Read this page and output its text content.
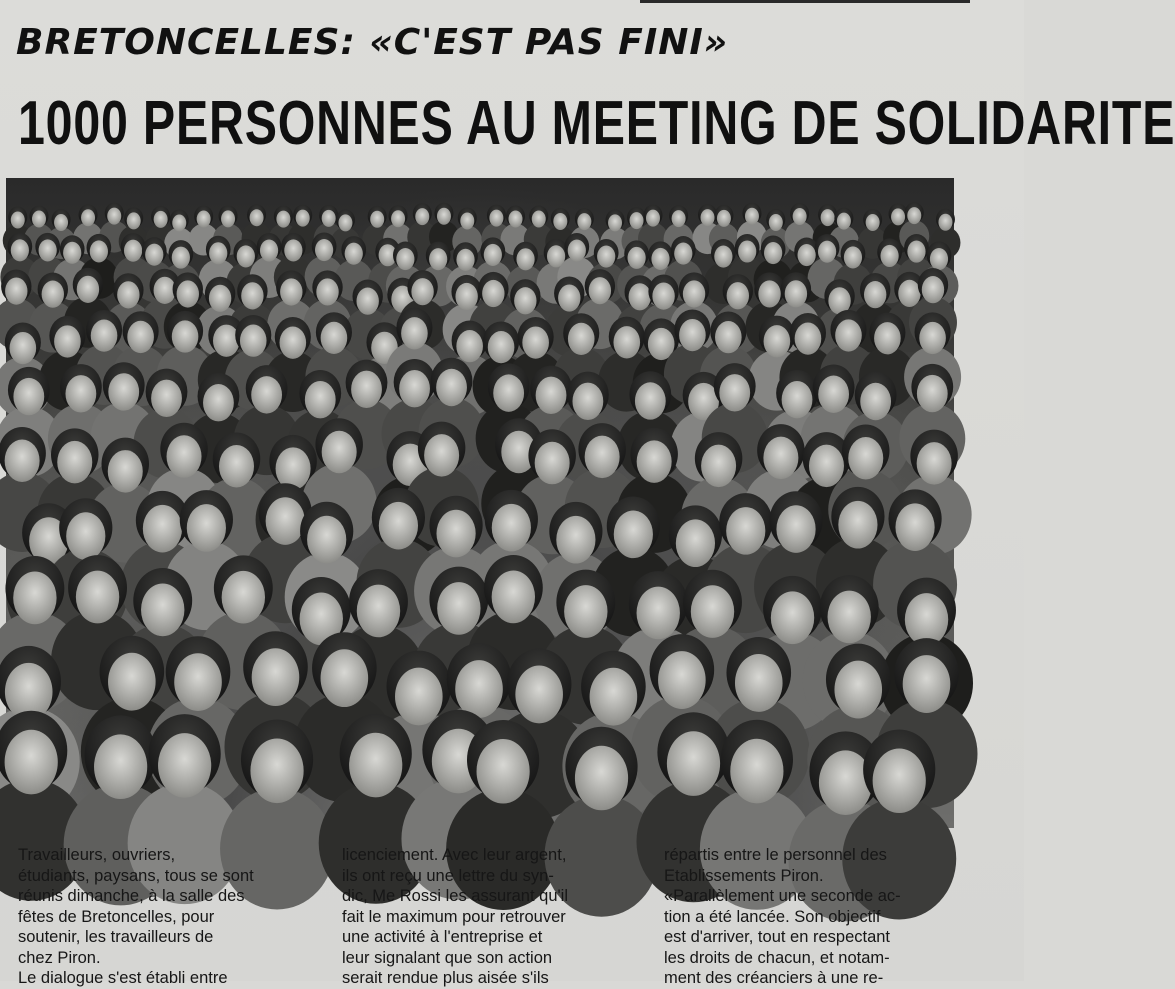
BRETONCELLES: «C'EST PAS FINI»
1000 PERSONNES AU MEETING DE SOLIDARITE

Travailleurs, ouvriers,
étudiants, paysans, tous se sont
réunis dimanche, à la salle des
fêtes de Bretoncelles, pour
soutenir, les travailleurs de
chez Piron.
Le dialogue s'est établi entre

licenciement. Avec leur argent,
ils ont reçu une lettre du syn-
dic, Me Rossi les assurant qu'il
fait le maximum pour retrouver
une activité à l'entreprise et
leur signalant que son action
serait rendue plus aisée s'ils

répartis entre le personnel des
Etablissements Piron.
«Parallèlement une seconde ac-
tion a été lancée. Son objectif
est d'arriver, tout en respectant
les droits de chacun, et notam-
ment des créanciers à une re-
